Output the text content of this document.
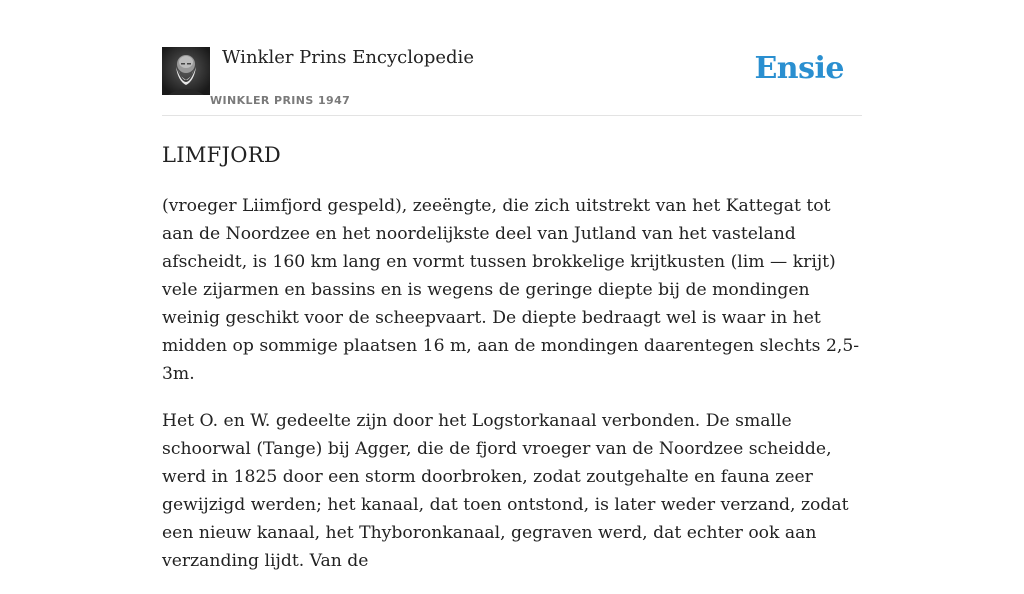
Winkler Prins Encyclopedie
WINKLER PRINS 1947
Ensie
LIMFJORD

(vroeger Liimfjord gespeld), zeeëngte, die zich uitstrekt van het Kattegat tot aan de Noordzee en het noordelijkste deel van Jutland van het vasteland afscheidt, is 160 km lang en vormt tussen brokkelige krijtkusten (lim — krijt) vele zijarmen en bassins en is wegens de geringe diepte bij de mondingen weinig geschikt voor de scheepvaart. De diepte bedraagt wel is waar in het midden op sommige plaatsen 16 m, aan de mondingen daarentegen slechts 2,5-3m.

Het O. en W. gedeelte zijn door het Logstorkanaal verbonden. De smalle schoorwal (Tange) bij Agger, die de fjord vroeger van de Noordzee scheidde, werd in 1825 door een storm doorbroken, zodat zoutgehalte en fauna zeer gewijzigd werden; het kanaal, dat toen ontstond, is later weder verzand, zodat een nieuw kanaal, het Thyboronkanaal, gegraven werd, dat echter ook aan verzanding lijdt. Van de
